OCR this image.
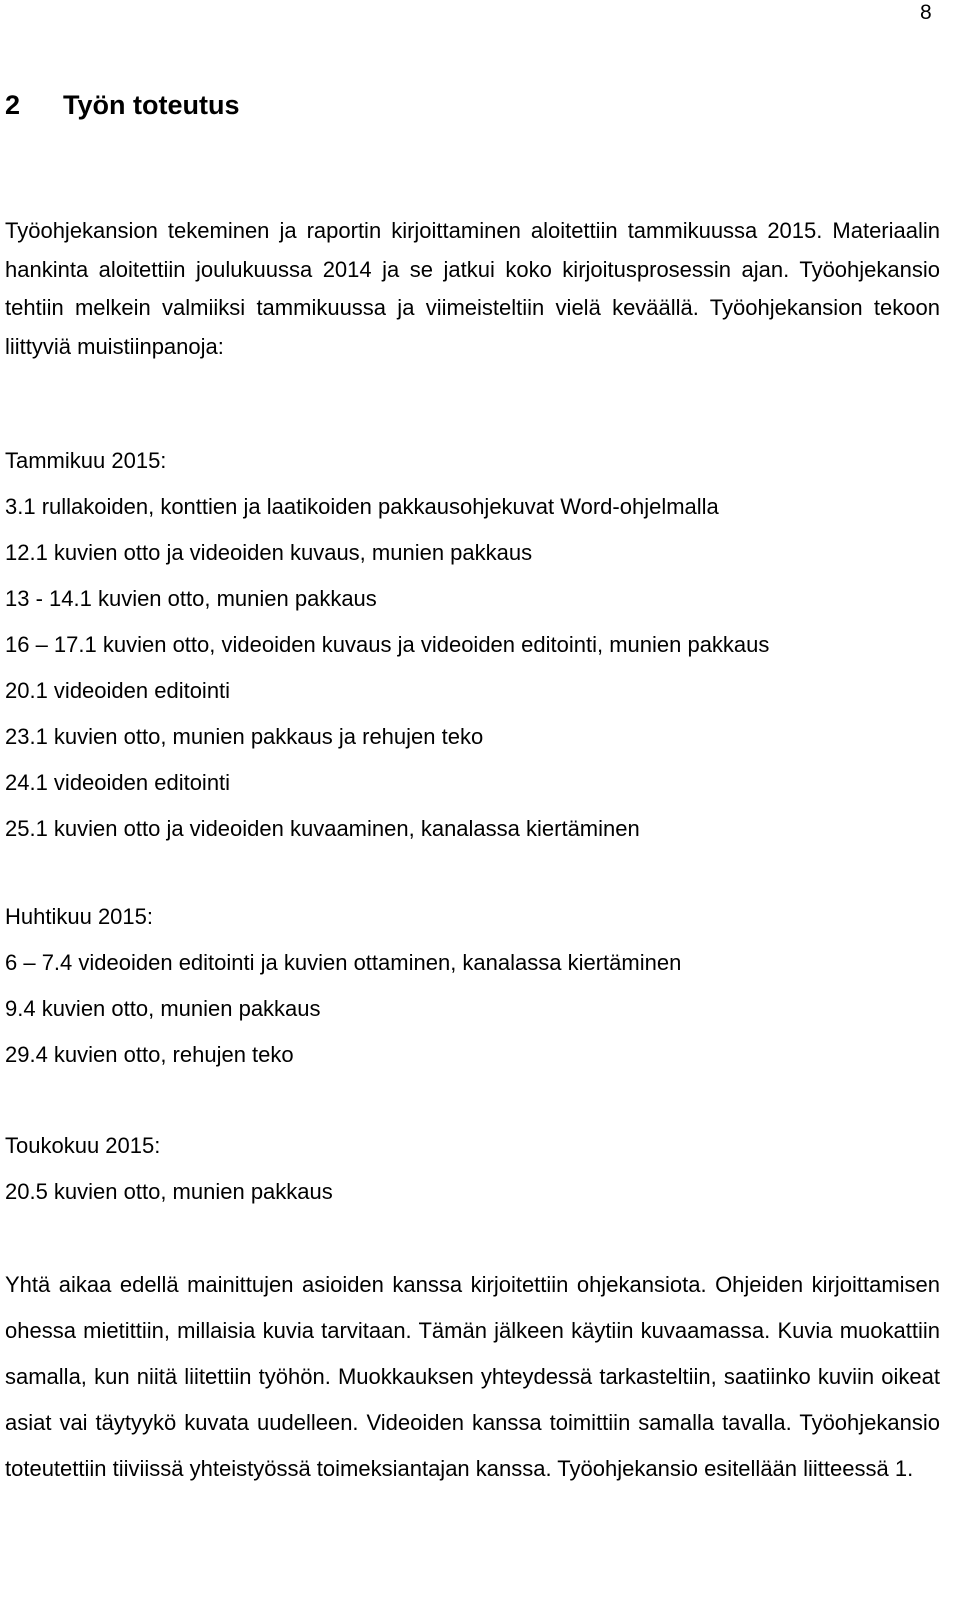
8
2 Työn toteutus

Työohjekansion tekeminen ja raportin kirjoittaminen aloitettiin tammikuussa 2015. Materiaalin hankinta aloitettiin joulukuussa 2014 ja se jatkui koko kirjoitusprosessin ajan. Työohjekansio tehtiin melkein valmiiksi tammikuussa ja viimeisteltiin vielä keväällä. Työohjekansion tekoon liittyviä muistiinpanoja:

Tammikuu 2015:
3.1 rullakoiden, konttien ja laatikoiden pakkausohjekuvat Word-ohjelmalla
12.1 kuvien otto ja videoiden kuvaus, munien pakkaus
13 - 14.1 kuvien otto, munien pakkaus
16 – 17.1 kuvien otto, videoiden kuvaus ja videoiden editointi, munien pakkaus
20.1 videoiden editointi
23.1 kuvien otto, munien pakkaus ja rehujen teko
24.1 videoiden editointi
25.1 kuvien otto ja videoiden kuvaaminen, kanalassa kiertäminen
Huhtikuu 2015:
6 – 7.4 videoiden editointi ja kuvien ottaminen, kanalassa kiertäminen
9.4 kuvien otto, munien pakkaus
29.4 kuvien otto, rehujen teko
Toukokuu 2015:
20.5 kuvien otto, munien pakkaus

Yhtä aikaa edellä mainittujen asioiden kanssa kirjoitettiin ohjekansiota. Ohjeiden kirjoittamisen ohessa mietittiin, millaisia kuvia tarvitaan. Tämän jälkeen käytiin kuvaamassa. Kuvia muokattiin samalla, kun niitä liitettiin työhön. Muokkauksen yhteydessä tarkasteltiin, saatiinko kuviin oikeat asiat vai täytyykö kuvata uudelleen. Videoiden kanssa toimittiin samalla tavalla. Työohjekansio toteutettiin tiiviissä yhteistyössä toimeksiantajan kanssa. Työohjekansio esitellään liitteessä 1.
